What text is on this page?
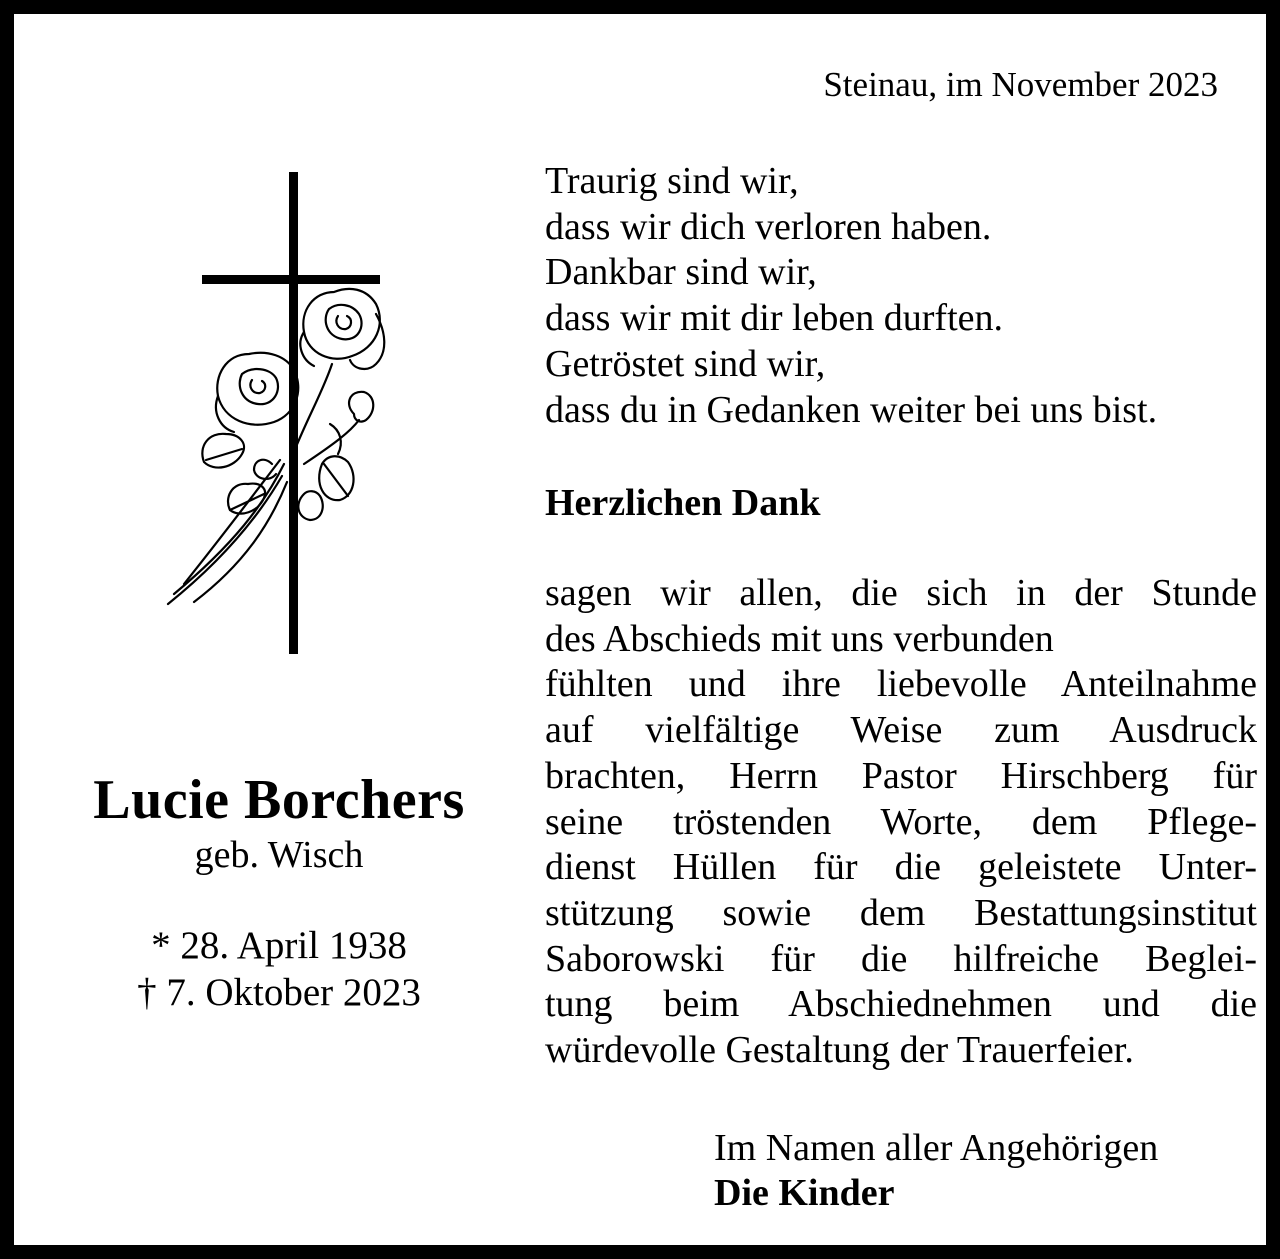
Steinau, im November 2023
Lucie Borchers
geb. Wisch
* 28. April 1938
† 7. Oktober 2023
Traurig sind wir,
dass wir dich verloren haben.
Dankbar sind wir,
dass wir mit dir leben durften.
Getröstet sind wir,
dass du in Gedanken weiter bei uns bist.
Herzlichen Dank
sagen wir allen, die sich in der Stunde
des Abschieds mit uns verbunden
fühlten und ihre liebevolle Anteilnahme
auf vielfältige Weise zum Ausdruck
brachten, Herrn Pastor Hirschberg für
seine tröstenden Worte, dem Pflege-
dienst Hüllen für die geleistete Unter-
stützung sowie dem Bestattungsinstitut
Saborowski für die hilfreiche Beglei-
tung beim Abschiednehmen und die
würdevolle Gestaltung der Trauerfeier.
Im Namen aller Angehörigen
Die Kinder
